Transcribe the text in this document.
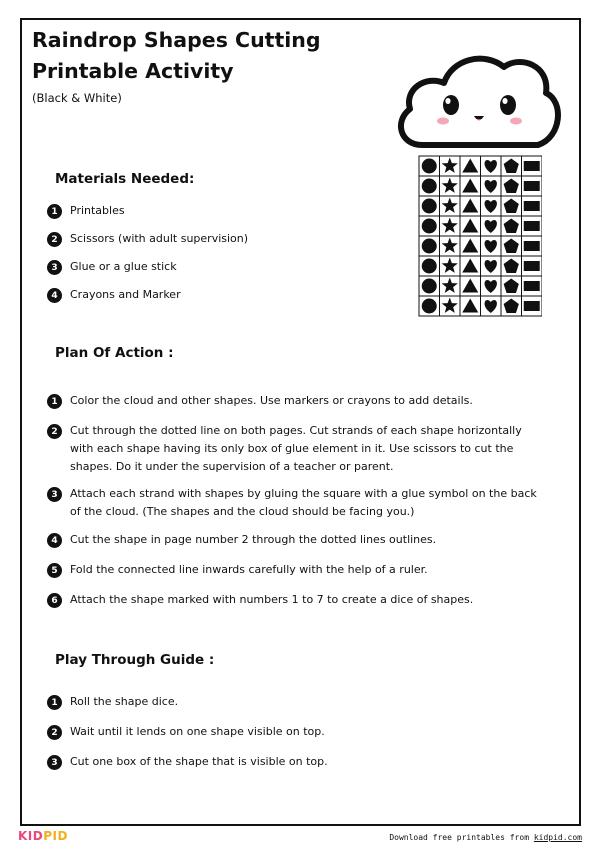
Raindrop Shapes Cutting
Printable Activity
(Black & White)
Materials Needed:
1	Printables
2	Scissors (with adult supervision)
3	Glue or a glue stick
4	Crayons and Marker
Plan Of Action :
1	Color the cloud and other shapes. Use markers or crayons to add details.
2	Cut through the dotted line on both pages. Cut strands of each shape horizontally with each shape having its only box of glue element in it. Use scissors to cut the shapes. Do it under the supervision of a teacher or parent.
3	Attach each strand with shapes by gluing the square with a glue symbol on the back of the cloud. (The shapes and the cloud should be facing you.)
4	Cut the shape in page number 2 through the dotted lines outlines.
5	Fold the connected line inwards carefully with the help of a ruler.
6	Attach the shape marked with numbers 1 to 7 to create a dice of shapes.
Play Through Guide :
1	Roll the shape dice.
2	Wait until it lends on one shape visible on top.
3	Cut one box of the shape that is visible on top.
KIDPID	Download free printables from kidpid.com
